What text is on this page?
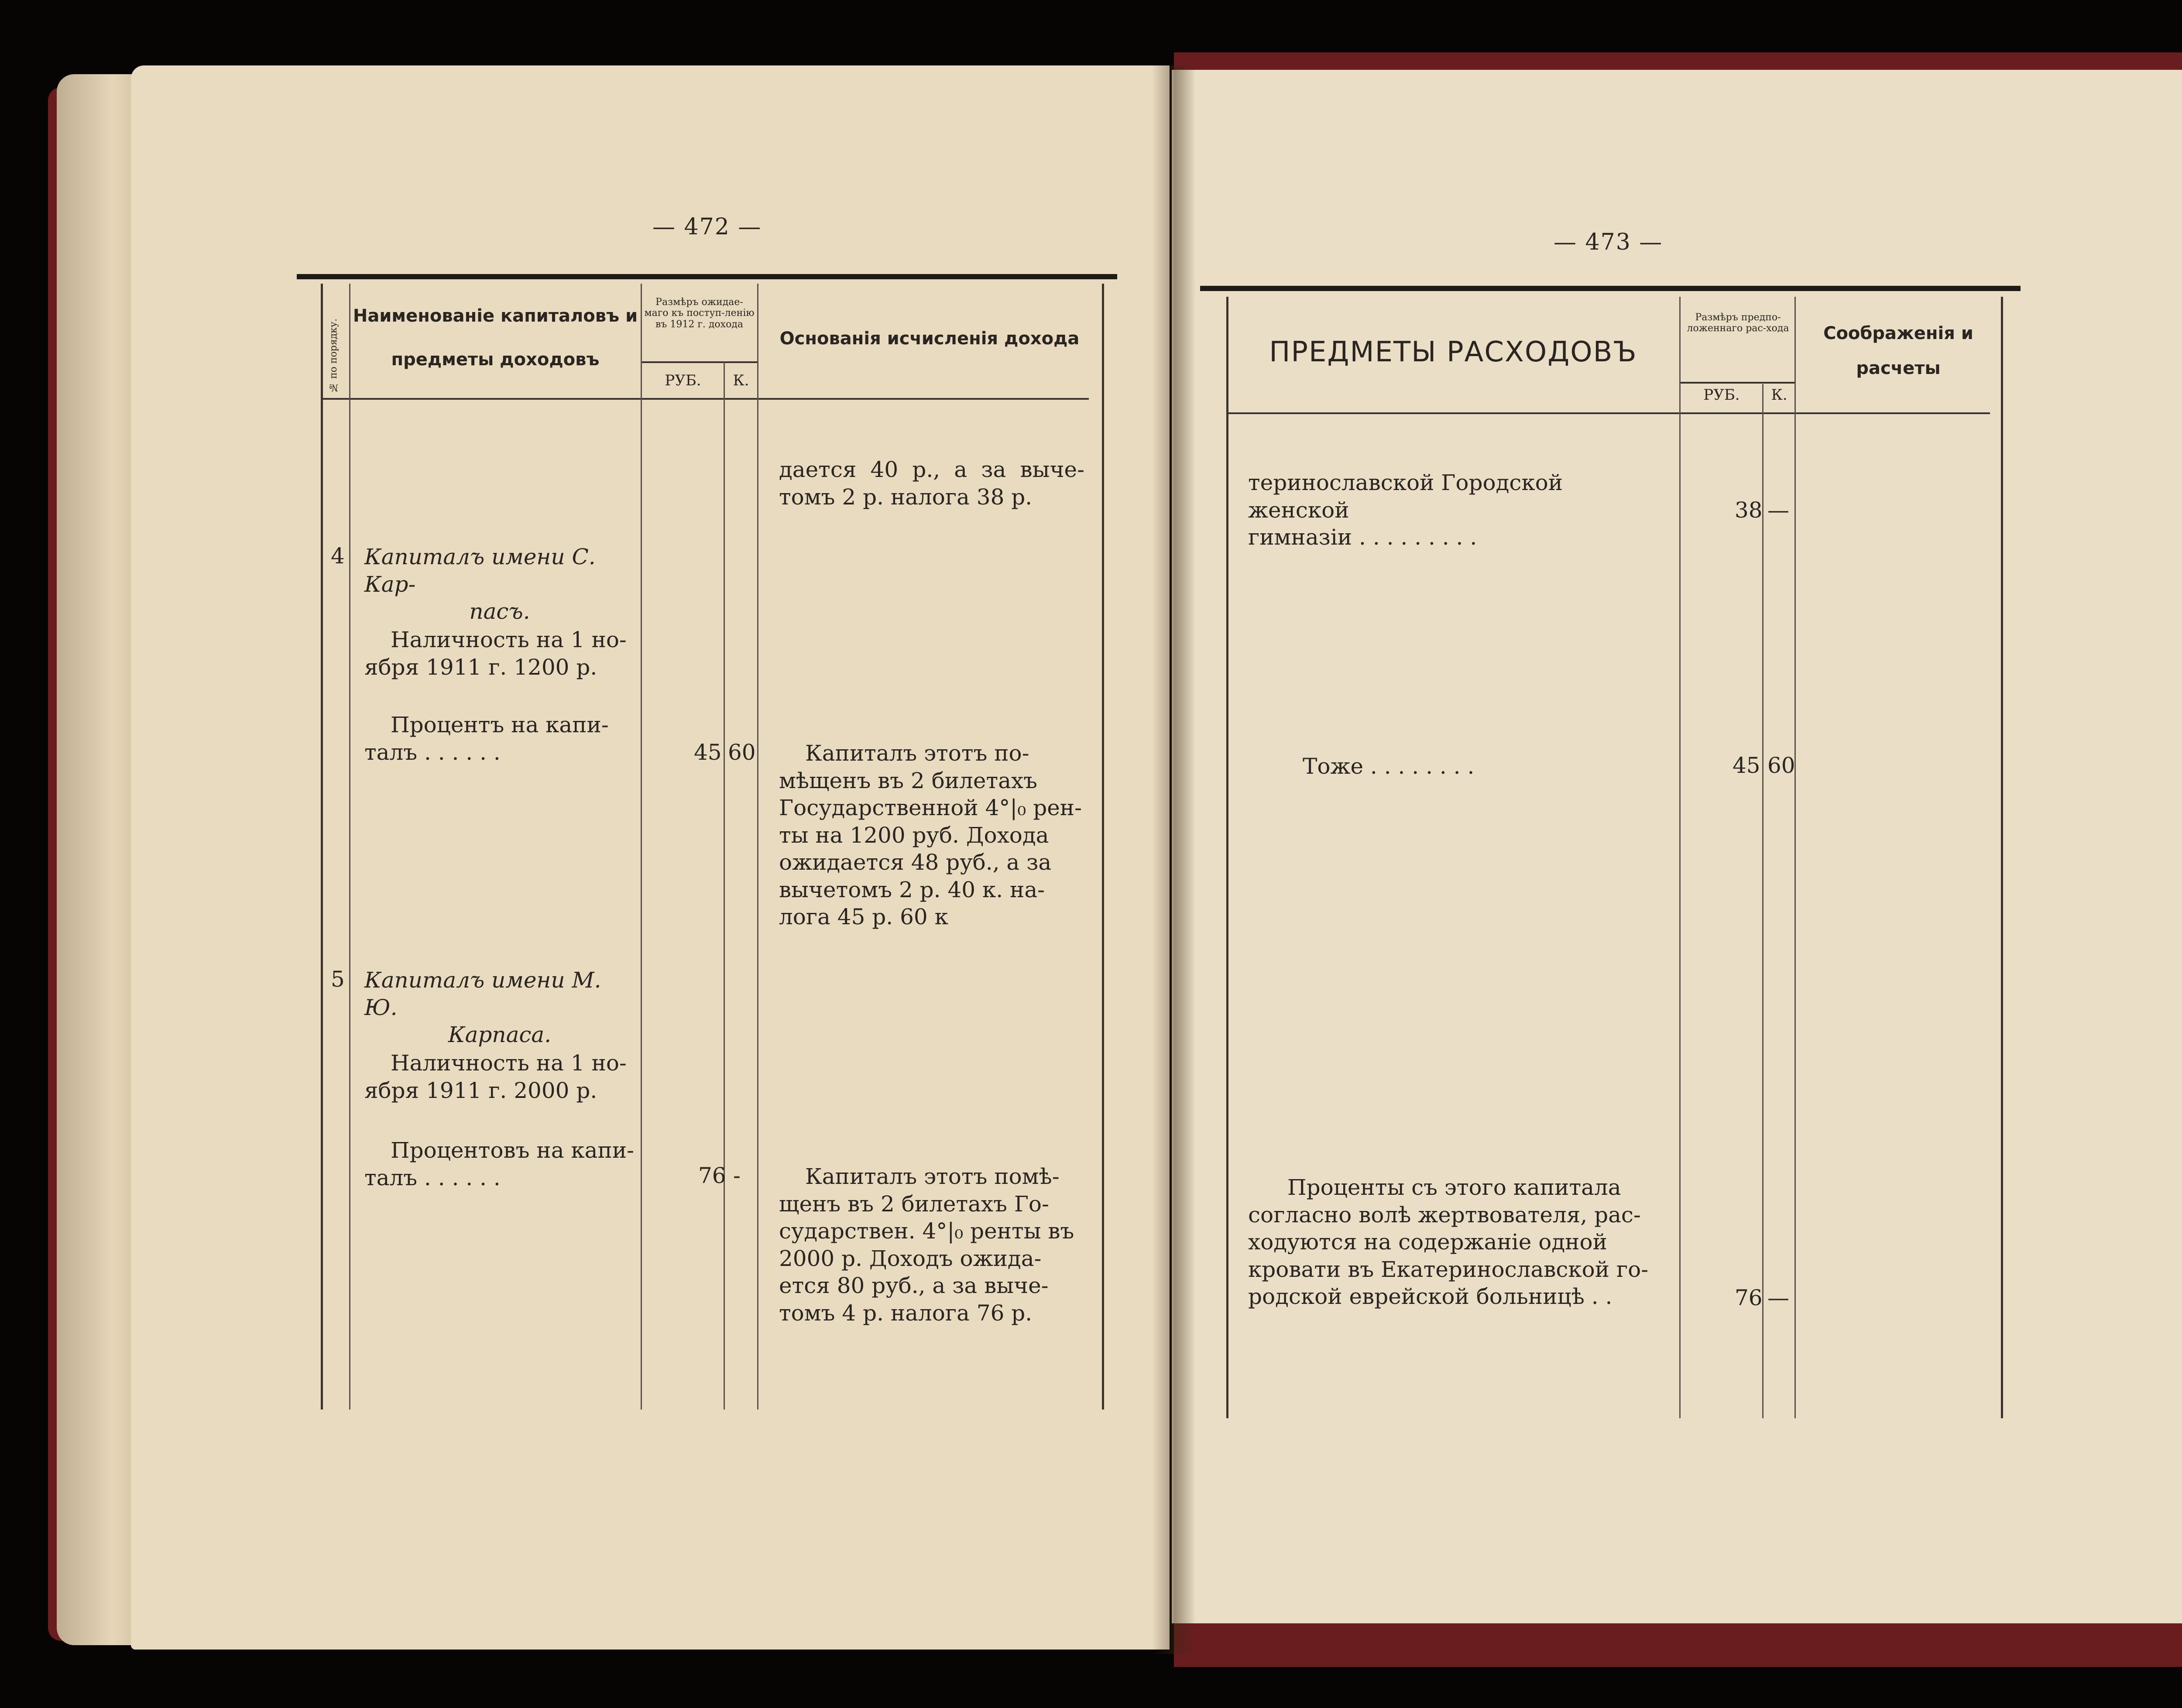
— 472 —
№ по порядку.
Наименованіе капиталовъ и
предметы доходовъ
Размѣръ ожидае-маго къ поступ-ленію въ 1912 г. дохода
РУБ.	К.
Основанія исчисленія дохода
дается 40 р., а за выче-
томъ 2 р. налога 38 р.
4 Капиталъ имени С. Кар-
пасъ.
Наличность на 1 но-
ября 1911 г. 1200 р.
Процентъ на капи-
талъ . . . . . .	45 60	Капиталъ этотъ по-
мѣщенъ въ 2 билетахъ
Государственной 4°|₀ рен-
ты на 1200 руб. Дохода
ожидается 48 руб., а за
вычетомъ 2 р. 40 к. на-
лога 45 р. 60 к
5 Капиталъ имени М. Ю.
Карпаса.
Наличность на 1 но-
ября 1911 г. 2000 р.
Процентовъ на капи-
талъ . . . . . .	76 -	Капиталъ этотъ помѣ-
щенъ въ 2 билетахъ Го-
сударствен. 4°|₀ ренты въ
2000 р. Доходъ ожида-
ется 80 руб., а за выче-
томъ 4 р. налога 76 р.
— 473 —
ПРЕДМЕТЫ РАСХОДОВЪ
Размѣръ предпо-ложеннаго рас-хода
РУБ.	К.
Соображенія и
расчеты
теринославской Городской женской
гимназіи . . . . . . . . .
38 —
Тоже . . . . . . . .	45 60
Проценты съ этого капитала
согласно волѣ жертвователя, рас-
ходуются на содержаніе одной
кровати въ Екатеринославской го-
родской еврейской больницѣ . .	76 —
